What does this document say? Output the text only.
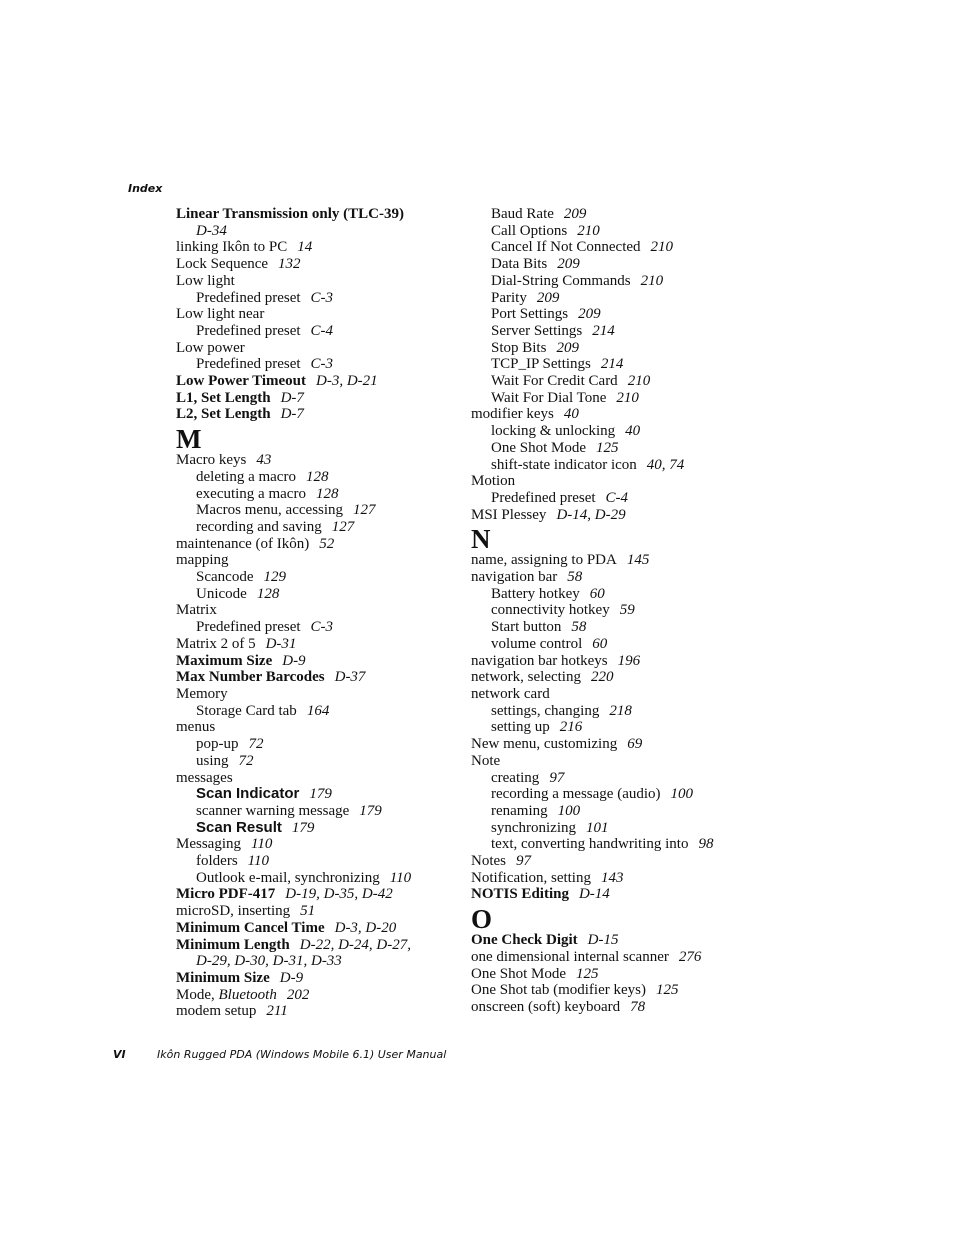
Index
Linear Transmission only (TLC-39)
D-34
linking Ikôn to PC 14
Lock Sequence 132
Low light
Predefined preset C-3
Low light near
Predefined preset C-4
Low power
Predefined preset C-3
Low Power Timeout D-3, D-21
L1, Set Length D-7
L2, Set Length D-7
M
Macro keys 43
deleting a macro 128
executing a macro 128
Macros menu, accessing 127
recording and saving 127
maintenance (of Ikôn) 52
mapping
Scancode 129
Unicode 128
Matrix
Predefined preset C-3
Matrix 2 of 5 D-31
Maximum Size D-9
Max Number Barcodes D-37
Memory
Storage Card tab 164
menus
pop-up 72
using 72
messages
Scan Indicator 179
scanner warning message 179
Scan Result 179
Messaging 110
folders 110
Outlook e-mail, synchronizing 110
Micro PDF-417 D-19, D-35, D-42
microSD, inserting 51
Minimum Cancel Time D-3, D-20
Minimum Length D-22, D-24, D-27,
D-29, D-30, D-31, D-33
Minimum Size D-9
Mode, Bluetooth 202
modem setup 211
Baud Rate 209
Call Options 210
Cancel If Not Connected 210
Data Bits 209
Dial-String Commands 210
Parity 209
Port Settings 209
Server Settings 214
Stop Bits 209
TCP_IP Settings 214
Wait For Credit Card 210
Wait For Dial Tone 210
modifier keys 40
locking & unlocking 40
One Shot Mode 125
shift-state indicator icon 40, 74
Motion
Predefined preset C-4
MSI Plessey D-14, D-29
N
name, assigning to PDA 145
navigation bar 58
Battery hotkey 60
connectivity hotkey 59
Start button 58
volume control 60
navigation bar hotkeys 196
network, selecting 220
network card
settings, changing 218
setting up 216
New menu, customizing 69
Note
creating 97
recording a message (audio) 100
renaming 100
synchronizing 101
text, converting handwriting into 98
Notes 97
Notification, setting 143
NOTIS Editing D-14
O
One Check Digit D-15
one dimensional internal scanner 276
One Shot Mode 125
One Shot tab (modifier keys) 125
onscreen (soft) keyboard 78
VI	Ikôn Rugged PDA (Windows Mobile 6.1) User Manual
